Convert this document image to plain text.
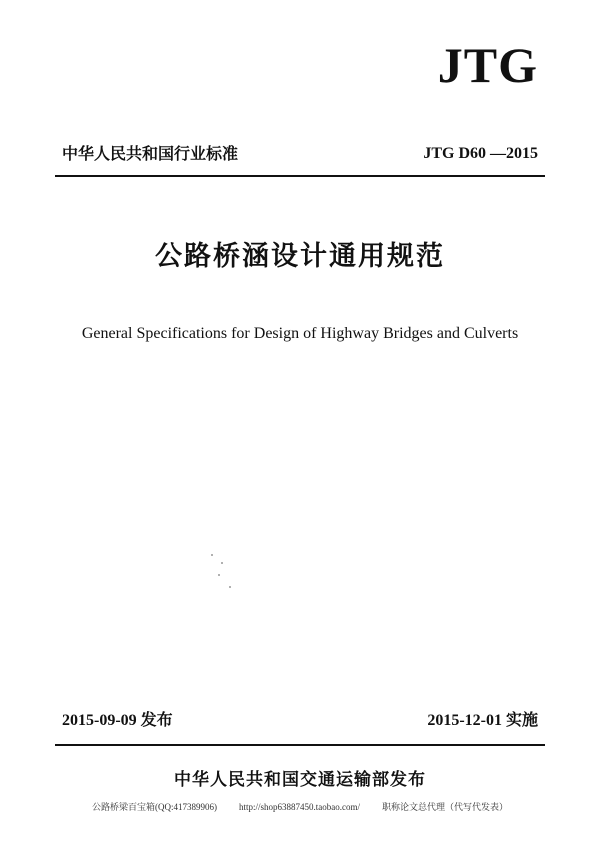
JTG
中华人民共和国行业标准	JTG D60 —2015
公路桥涵设计通用规范
General Specifications for Design of Highway Bridges and Culverts
2015-09-09 发布	2015-12-01 实施
中华人民共和国交通运输部发布
公路桥梁百宝箱(QQ:417389906) http://shop63887450.taobao.com/ 职称论文总代理（代写代发表）
